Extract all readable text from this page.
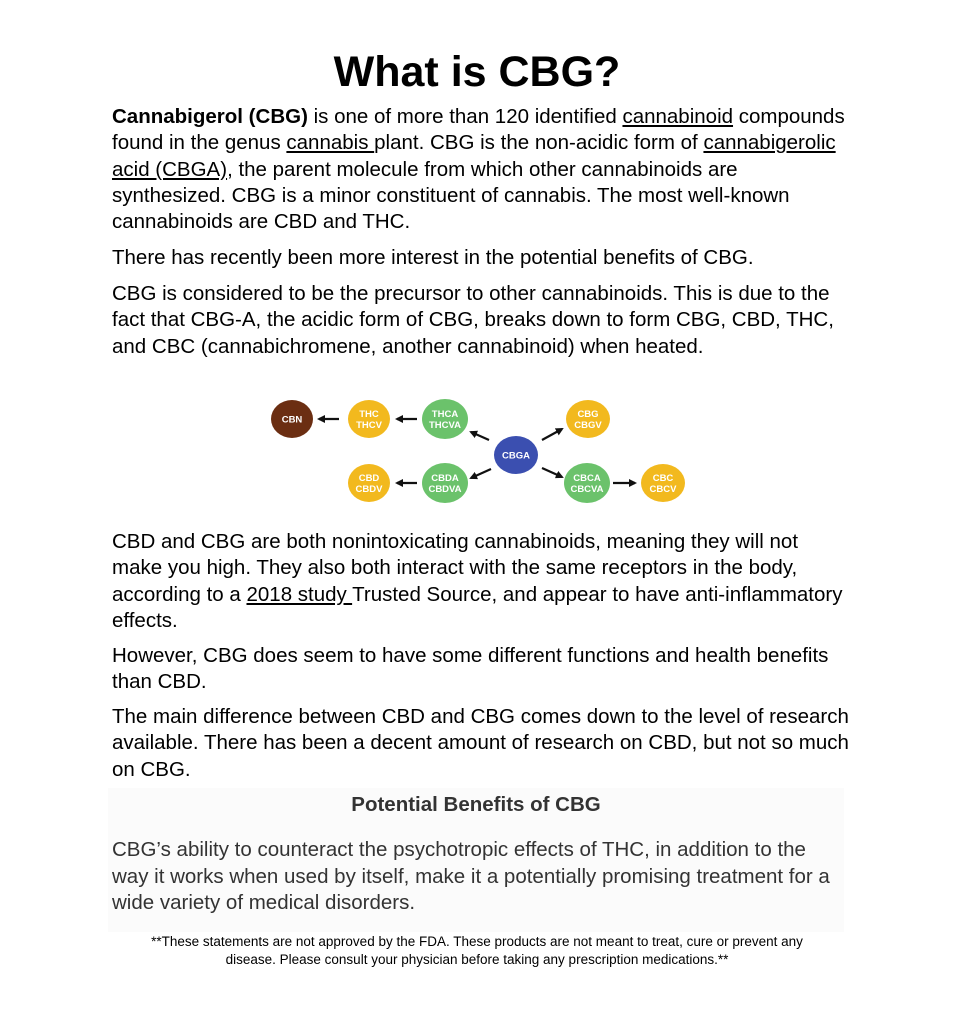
What is CBG?

Cannabigerol (CBG) is one of more than 120 identified cannabinoid compounds found in the genus cannabis plant. CBG is the non-acidic form of cannabigerolic acid (CBGA), the parent molecule from which other cannabinoids are synthesized. CBG is a minor constituent of cannabis. The most well-known cannabinoids are CBD and THC.

There has recently been more interest in the potential benefits of CBG.

CBG is considered to be the precursor to other cannabinoids. This is due to the fact that CBG-A, the acidic form of CBG, breaks down to form CBG, CBD, THC, and CBC (cannabichromene, another cannabinoid) when heated.

CBN	THC
THCV
THCA
THCVA
CBG
CBGV
CBGA
CBD
CBDV
CBDA
CBDVA
CBCA
CBCVA
CBC
CBCV

CBD and CBG are both nonintoxicating cannabinoids, meaning they will not make you high. They also both interact with the same receptors in the body, according to a 2018 study Trusted Source, and appear to have anti-inflammatory effects.

However, CBG does seem to have some different functions and health benefits than CBD.

The main difference between CBD and CBG comes down to the level of research available. There has been a decent amount of research on CBD, but not so much on CBG.

Potential Benefits of CBG

CBG’s ability to counteract the psychotropic effects of THC, in addition to the way it works when used by itself, make it a potentially promising treatment for a wide variety of medical disorders.

**These statements are not approved by the FDA. These products are not meant to treat, cure or prevent any
disease. Please consult your physician before taking any prescription medications.**
